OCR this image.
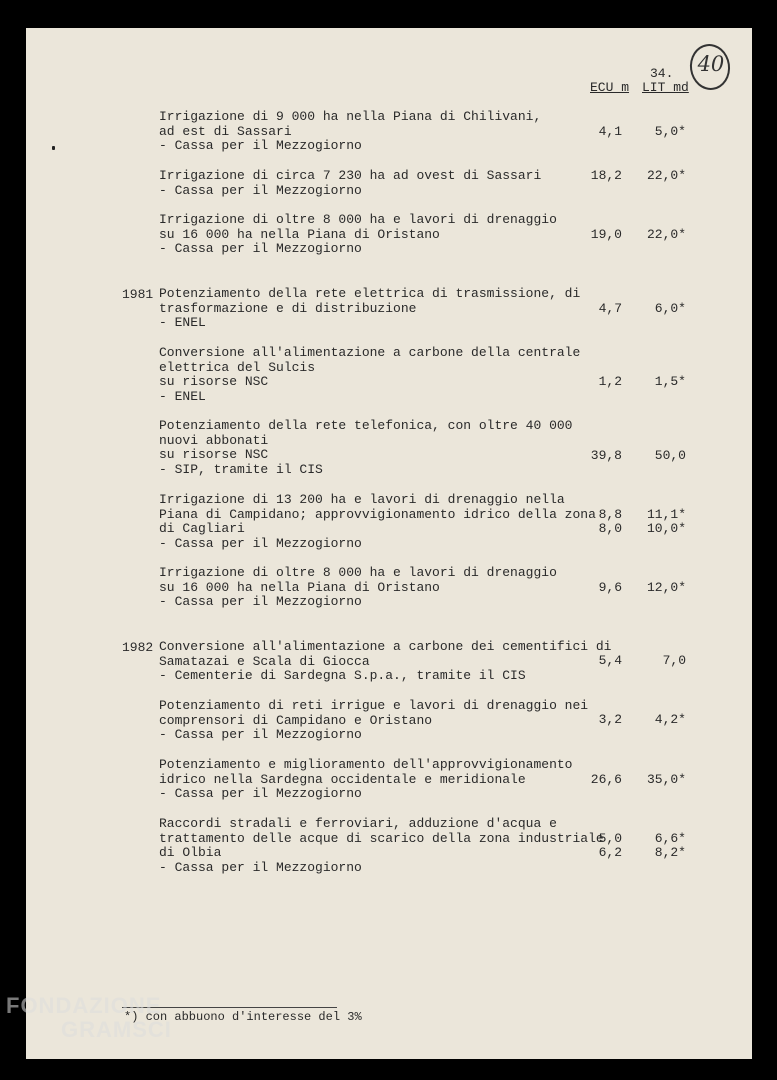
34. 40
ECU m LIT md
Irrigazione di 9 000 ha nella Piana di Chilivani,
ad est di Sassari
- Cassa per il Mezzogiorno
4,1	5,0*
Irrigazione di circa 7 230 ha ad ovest di Sassari
- Cassa per il Mezzogiorno
18,2	22,0*
Irrigazione di oltre 8 000 ha e lavori di drenaggio
su 16 000 ha nella Piana di Oristano
- Cassa per il Mezzogiorno
19,0	22,0*
1981 Potenziamento della rete elettrica di trasmissione, di
trasformazione e di distribuzione
- ENEL
4,7	6,0*
Conversione all'alimentazione a carbone della centrale
elettrica del Sulcis
su risorse NSC
- ENEL
1,2	1,5*
Potenziamento della rete telefonica, con oltre 40 000
nuovi abbonati
su risorse NSC
- SIP, tramite il CIS
39,8	50,0
Irrigazione di 13 200 ha e lavori di drenaggio nella
Piana di Campidano; approvvigionamento idrico della zona
di Cagliari
- Cassa per il Mezzogiorno
8,8	11,1*
8,0	10,0*
Irrigazione di oltre 8 000 ha e lavori di drenaggio
su 16 000 ha nella Piana di Oristano
- Cassa per il Mezzogiorno
9,6	12,0*
1982 Conversione all'alimentazione a carbone dei cementifici di
Samatazai e Scala di Giocca
- Cementerie di Sardegna S.p.a., tramite il CIS
5,4	7,0
Potenziamento di reti irrigue e lavori di drenaggio nei
comprensori di Campidano e Oristano
- Cassa per il Mezzogiorno
3,2	4,2*
Potenziamento e miglioramento dell'approvvigionamento
idrico nella Sardegna occidentale e meridionale
- Cassa per il Mezzogiorno
26,6	35,0*
Raccordi stradali e ferroviari, adduzione d'acqua e
trattamento delle acque di scarico della zona industriale
di Olbia
- Cassa per il Mezzogiorno
5,0	6,6*
6,2	8,2*
*) con abbuono d'interesse del 3%
FONDAZIONE
GRAMSCI
